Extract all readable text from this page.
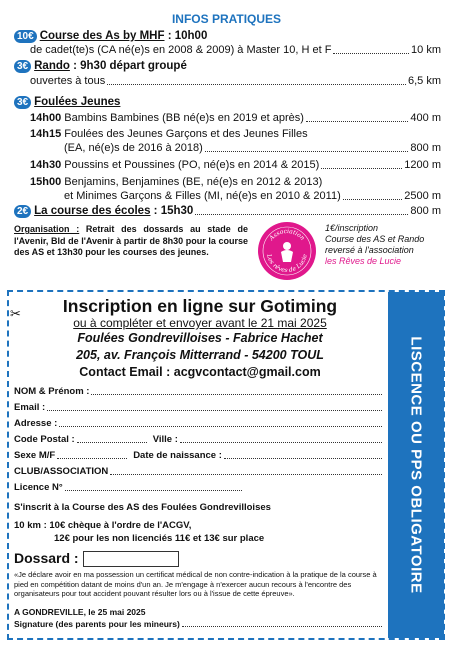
INFOS PRATIQUES
10€ Course des As by MHF : 10h00
de cadet(te)s (CA né(e)s en 2008 & 2009) à Master 10, H et F	10 km
3€ Rando : 9h30 départ groupé
ouvertes à tous	6,5 km
3€ Foulées Jeunes
14h00 Bambins Bambines (BB né(e)s en 2019 et après)	400 m
14h15 Foulées des Jeunes Garçons et des Jeunes Filles
(EA, né(e)s de 2016 à 2018)	800 m
14h30 Poussins et Poussines (PO, né(e)s en 2014 & 2015)	1200 m
15h00 Benjamins, Benjamines (BE, né(e)s en 2012 & 2013)
et Minimes Garçons & Filles (MI, né(e)s en 2010 & 2011)	2500 m
2€ La course des écoles : 15h30	800 m
Organisation : Retrait des dossards au stade de l'Avenir, Bld de l'Avenir à partir de 8h30 pour la course des AS et 13h30 pour les courses des jeunes.
Association
Les rêves de Lucie
1€/inscription
Course des AS et Rando
reversé à l'association
les Rêves de Lucie
LISCENCE OU PPS OBLIGATOIRE
✂	Inscription en ligne sur Gotiming
ou à compléter et envoyer avant le 21 mai 2025
Foulées Gondrevilloises - Fabrice Hachet
205, av. François Mitterrand - 54200 TOUL
Contact Email : acgvcontact@gmail.com
NOM & Prénom :
Email :
Adresse :
Code Postal :	Ville :
Sexe M/F	Date de naissance :
CLUB/ASSOCIATION
Licence N°
S'inscrit à la Course des AS des Foulées Gondrevilloises
10 km : 10€ chèque à l'ordre de l'ACGV,
12€ pour les non licenciés 11€ et 13€ sur place
Dossard :
«Je déclare avoir en ma possession un certificat médical de non contre-indication à la pratique de la course à pied en compétition datant de moins d'un an. Je m'engage à n'exercer aucun recours à l'encontre des organisateurs pour tout accident pouvant résulter lors ou à l'issue de cette épreuve».
A GONDREVILLE, le 25 mai 2025
Signature (des parents pour les mineurs)
